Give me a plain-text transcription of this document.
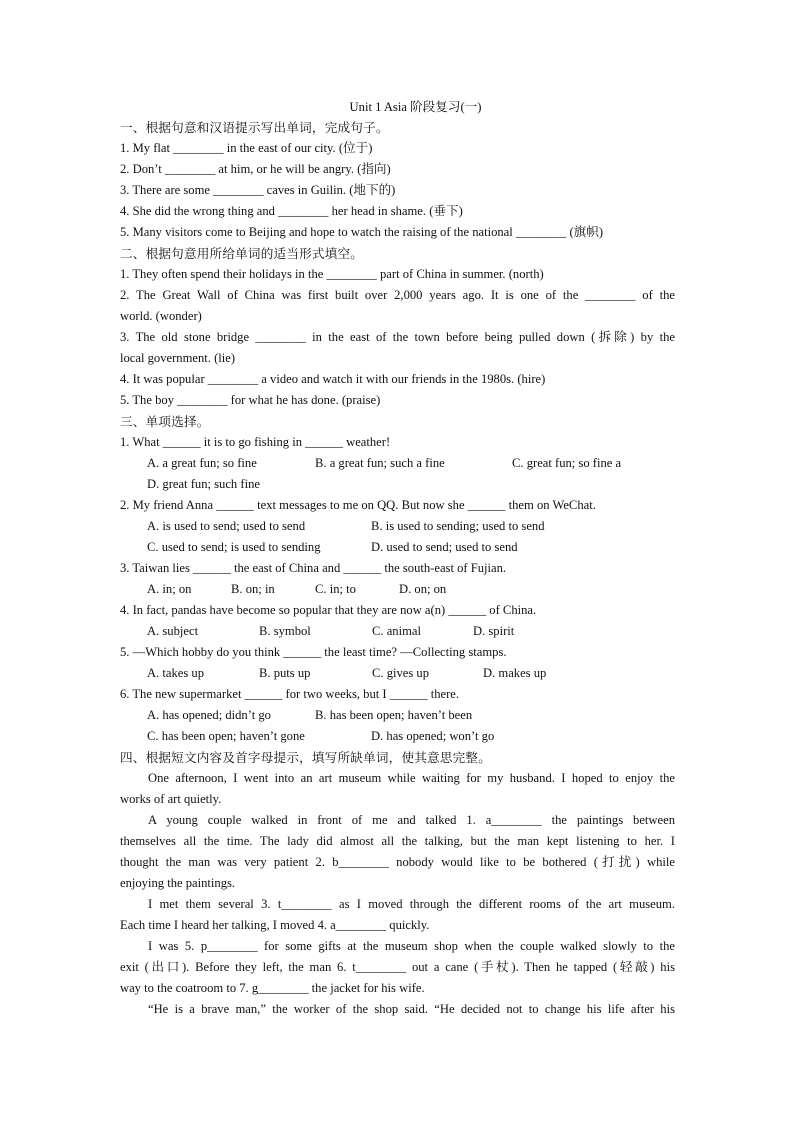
Unit 1 Asia 阶段复习(一)
一、根据句意和汉语提示写出单词，完成句子。
1. My flat ________ in the east of our city. (位于)
2. Don’t ________ at him, or he will be angry. (指向)
3. There are some ________ caves in Guilin. (地下的)
4. She did the wrong thing and ________ her head in shame. (垂下)
5. Many visitors come to Beijing and hope to watch the raising of the national ________ (旗帜)
二、根据句意用所给单词的适当形式填空。
1. They often spend their holidays in the ________ part of China in summer. (north)
2. The Great Wall of China was first built over 2,000 years ago. It is one of the ________ of the
world. (wonder)
3. The old stone bridge ________ in the east of the town before being pulled down (拆除) by the
local government. (lie)
4. It was popular ________ a video and watch it with our friends in the 1980s. (hire)
5. The boy ________ for what he has done. (praise)
三、单项选择。
1. What ______ it is to go fishing in ______ weather!
A. a great fun; so fine	B. a great fun; such a fine	C. great fun; so fine a
D. great fun; such fine
2. My friend Anna ______ text messages to me on QQ. But now she ______ them on WeChat.
A. is used to send; used to send	B. is used to sending; used to send
C. used to send; is used to sending	D. used to send; used to send
3. Taiwan lies ______ the east of China and ______ the south-east of Fujian.
A. in; on	B. on; in	C. in; to	D. on; on
4. In fact, pandas have become so popular that they are now a(n) ______ of China.
A. subject	B. symbol	C. animal	D. spirit
5. —Which hobby do you think ______ the least time? —Collecting stamps.
A. takes up	B. puts up	C. gives up	D. makes up
6. The new supermarket ______ for two weeks, but I ______ there.
A. has opened; didn’t go	B. has been open; haven’t been
C. has been open; haven’t gone	D. has opened; won’t go
四、根据短文内容及首字母提示，填写所缺单词，使其意思完整。
One afternoon, I went into an art museum while waiting for my husband. I hoped to enjoy the
works of art quietly.
A young couple walked in front of me and talked 1. a________ the paintings between
themselves all the time. The lady did almost all the talking, but the man kept listening to her. I
thought the man was very patient 2. b________ nobody would like to be bothered (打扰) while
enjoying the paintings.
I met them several 3. t________ as I moved through the different rooms of the art museum.
Each time I heard her talking, I moved 4. a________ quickly.
I was 5. p________ for some gifts at the museum shop when the couple walked slowly to the
exit (出口). Before they left, the man 6. t________ out a cane (手杖). Then he tapped (轻敲) his
way to the coatroom to 7. g________ the jacket for his wife.
“He is a brave man,” the worker of the shop said. “He decided not to change his life after his
